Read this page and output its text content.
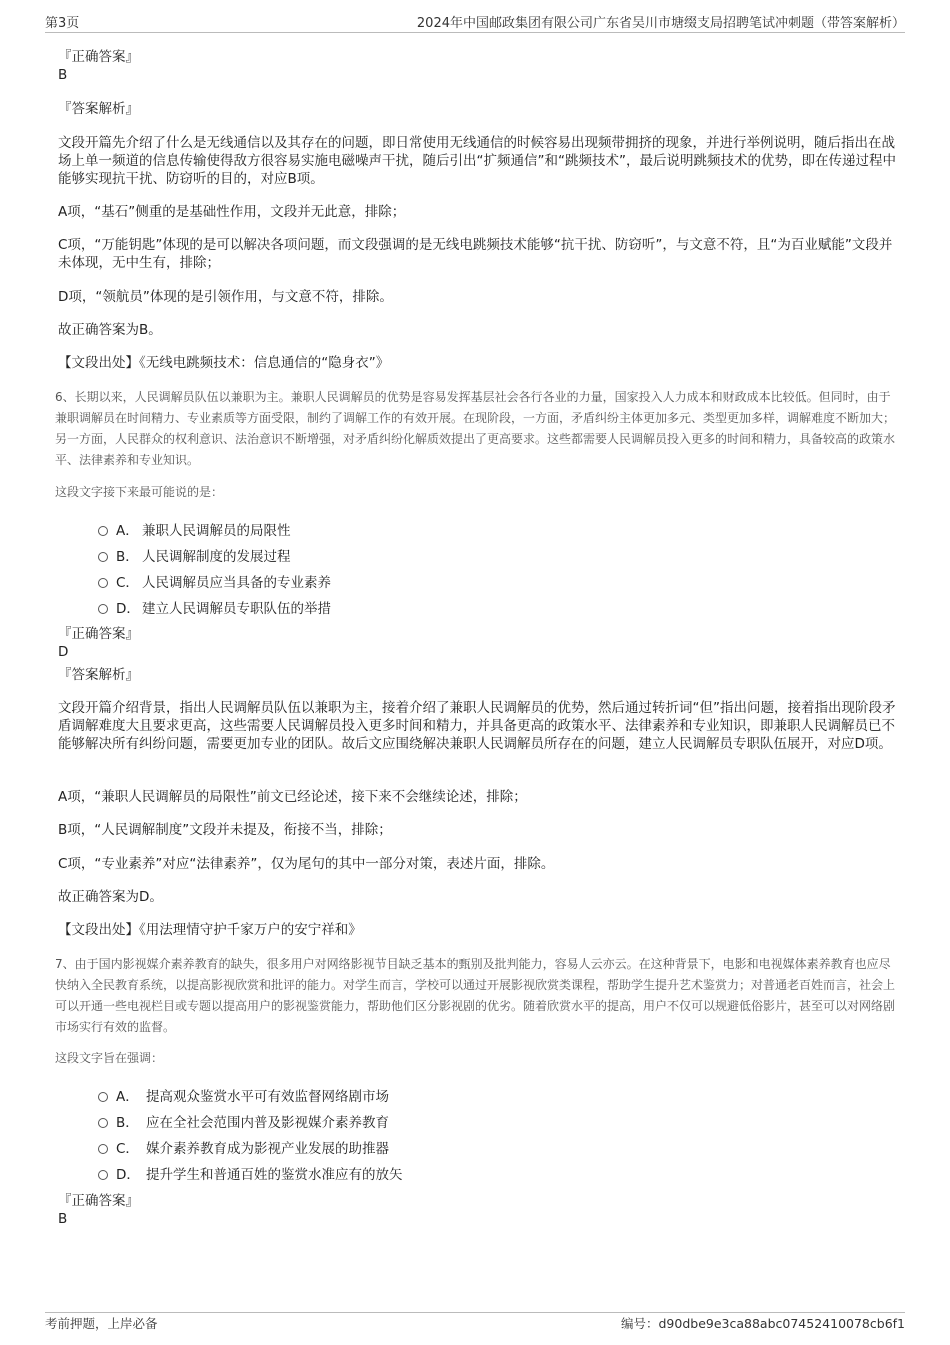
第3页	2024年中国邮政集团有限公司广东省吴川市塘缀支局招聘笔试冲刺题（带答案解析）
『正确答案』
B
『答案解析』
文段开篇先介绍了什么是无线通信以及其存在的问题，即日常使用无线通信的时候容易出现频带拥挤的现象，并进行举例说明，随后指出在战场上单一频道的信息传输使得敌方很容易实施电磁噪声干扰，随后引出“扩频通信”和“跳频技术”，最后说明跳频技术的优势，即在传递过程中能够实现抗干扰、防窃听的目的，对应B项。
A项，“基石”侧重的是基础性作用，文段并无此意，排除；
C项，“万能钥匙”体现的是可以解决各项问题，而文段强调的是无线电跳频技术能够“抗干扰、防窃听”，与文意不符，且“为百业赋能”文段并未体现，无中生有，排除；
D项，“领航员”体现的是引领作用，与文意不符，排除。
故正确答案为B。
【文段出处】《无线电跳频技术：信息通信的“隐身衣”》
6、长期以来，人民调解员队伍以兼职为主。兼职人民调解员的优势是容易发挥基层社会各行各业的力量，国家投入人力成本和财政成本比较低。但同时，由于兼职调解员在时间精力、专业素质等方面受限，制约了调解工作的有效开展。在现阶段，一方面，矛盾纠纷主体更加多元、类型更加多样，调解难度不断加大；另一方面，人民群众的权利意识、法治意识不断增强，对矛盾纠纷化解质效提出了更高要求。这些都需要人民调解员投入更多的时间和精力，具备较高的政策水平、法律素养和专业知识。
这段文字接下来最可能说的是：
A． 兼职人民调解员的局限性
B． 人民调解制度的发展过程
C． 人民调解员应当具备的专业素养
D． 建立人民调解员专职队伍的举措
『正确答案』
D
『答案解析』
文段开篇介绍背景，指出人民调解员队伍以兼职为主，接着介绍了兼职人民调解员的优势，然后通过转折词“但”指出问题，接着指出现阶段矛盾调解难度大且要求更高，这些需要人民调解员投入更多时间和精力，并具备更高的政策水平、法律素养和专业知识，即兼职人民调解员已不能够解决所有纠纷问题，需要更加专业的团队。故后文应围绕解决兼职人民调解员所存在的问题，建立人民调解员专职队伍展开，对应D项。
A项，“兼职人民调解员的局限性”前文已经论述，接下来不会继续论述，排除；
B项，“人民调解制度”文段并未提及，衔接不当，排除；
C项，“专业素养”对应“法律素养”，仅为尾句的其中一部分对策，表述片面，排除。
故正确答案为D。
【文段出处】《用法理情守护千家万户的安宁祥和》
7、由于国内影视媒介素养教育的缺失，很多用户对网络影视节目缺乏基本的甄别及批判能力，容易人云亦云。在这种背景下，电影和电视媒体素养教育也应尽快纳入全民教育系统，以提高影视欣赏和批评的能力。对学生而言，学校可以通过开展影视欣赏类课程，帮助学生提升艺术鉴赏力；对普通老百姓而言，社会上可以开通一些电视栏目或专题以提高用户的影视鉴赏能力，帮助他们区分影视剧的优劣。随着欣赏水平的提高，用户不仅可以规避低俗影片，甚至可以对网络剧市场实行有效的监督。
这段文字旨在强调：
A． 提高观众鉴赏水平可有效监督网络剧市场
B． 应在全社会范围内普及影视媒介素养教育
C． 媒介素养教育成为影视产业发展的助推器
D． 提升学生和普通百姓的鉴赏水准应有的放矢
『正确答案』
B
考前押题，上岸必备	编号：d90dbe9e3ca88abc07452410078cb6f1
